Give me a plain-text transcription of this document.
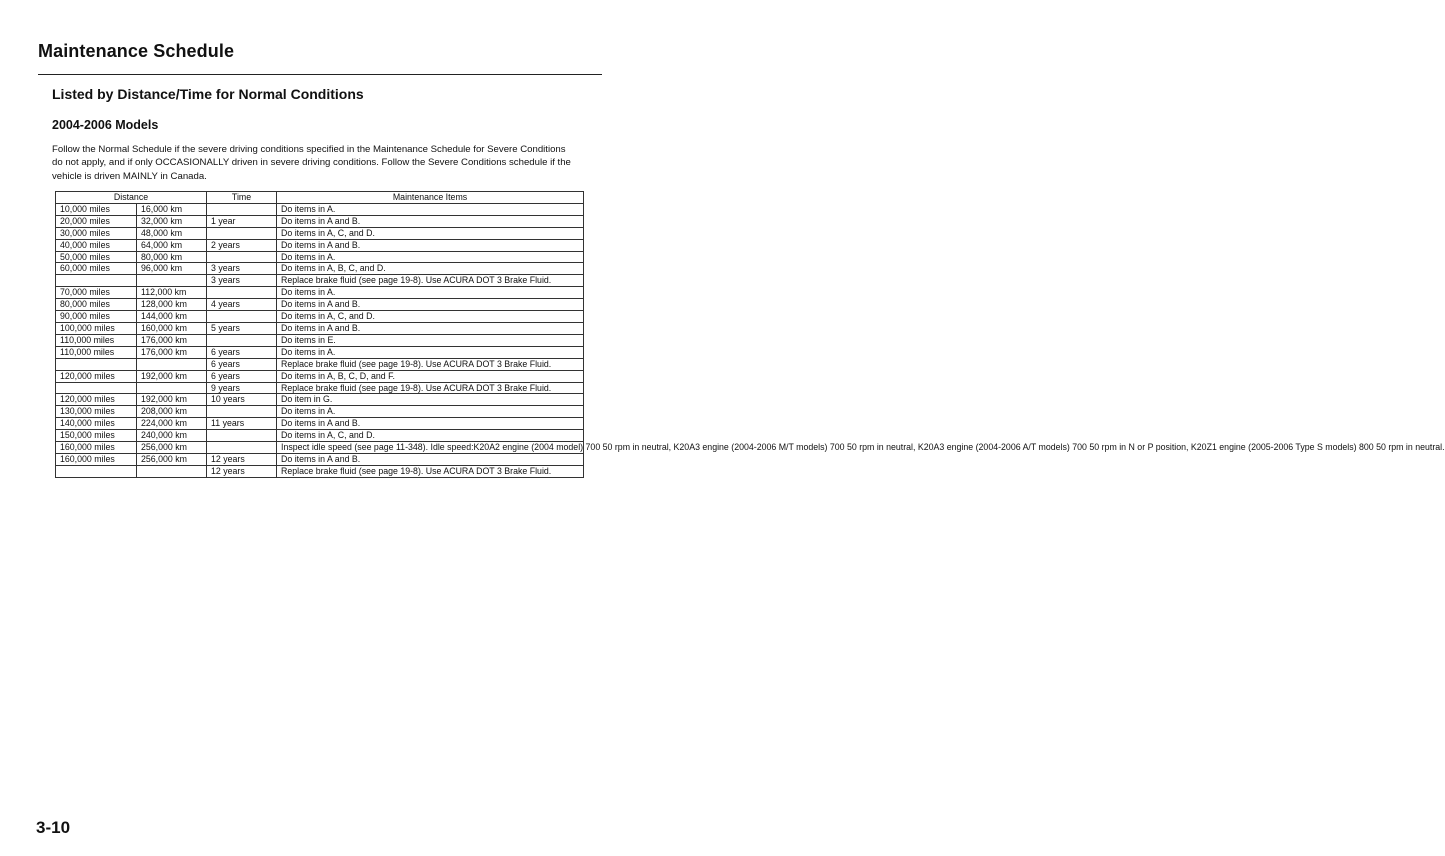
Maintenance Schedule
Listed by Distance/Time for Normal Conditions
2004-2006 Models
Follow the Normal Schedule if the severe driving conditions specified in the Maintenance Schedule for Severe Conditions do not apply, and if only OCCASIONALLY driven in severe driving conditions. Follow the Severe Conditions schedule if the vehicle is driven MAINLY in Canada.
Distance		Time	Maintenance Items
10,000 miles	16,000 km		Do items in A.
20,000 miles	32,000 km	1 year	Do items in A and B.
30,000 miles	48,000 km		Do items in A, C, and D.
40,000 miles	64,000 km	2 years	Do items in A and B.
50,000 miles	80,000 km		Do items in A.
60,000 miles	96,000 km	3 years	Do items in A, B, C, and D.
		3 years	Replace brake fluid (see page 19-8). Use ACURA DOT 3 Brake Fluid.
70,000 miles	112,000 km		Do items in A.
80,000 miles	128,000 km	4 years	Do items in A and B.
90,000 miles	144,000 km		Do items in A, C, and D.
100,000 miles	160,000 km	5 years	Do items in A and B.
110,000 miles	176,000 km		Do items in E.
110,000 miles	176,000 km	6 years	Do items in A.
		6 years	Replace brake fluid (see page 19-8). Use ACURA DOT 3 Brake Fluid.
120,000 miles	192,000 km	6 years	Do items in A, B, C, D, and F.
		9 years	Replace brake fluid (see page 19-8). Use ACURA DOT 3 Brake Fluid.
120,000 miles	192,000 km	10 years	Do item in G.
130,000 miles	208,000 km		Do items in A.
140,000 miles	224,000 km	11 years	Do items in A and B.
150,000 miles	240,000 km		Do items in A, C, and D.
160,000 miles	256,000 km		Inspect idle speed (see page 11-348). Idle speed:K20A2 engine (2004 model) 700 50 rpm in neutral, K20A3 engine (2004-2006 M/T models) 700 50 rpm in neutral, K20A3 engine (2004-2006 A/T models) 700 50 rpm in N or P position, K20Z1 engine (2005-2006 Type S models) 800 50 rpm in neutral.
160,000 miles	256,000 km	12 years	Do items in A and B.
		12 years	Replace brake fluid (see page 19-8). Use ACURA DOT 3 Brake Fluid.
3-10
